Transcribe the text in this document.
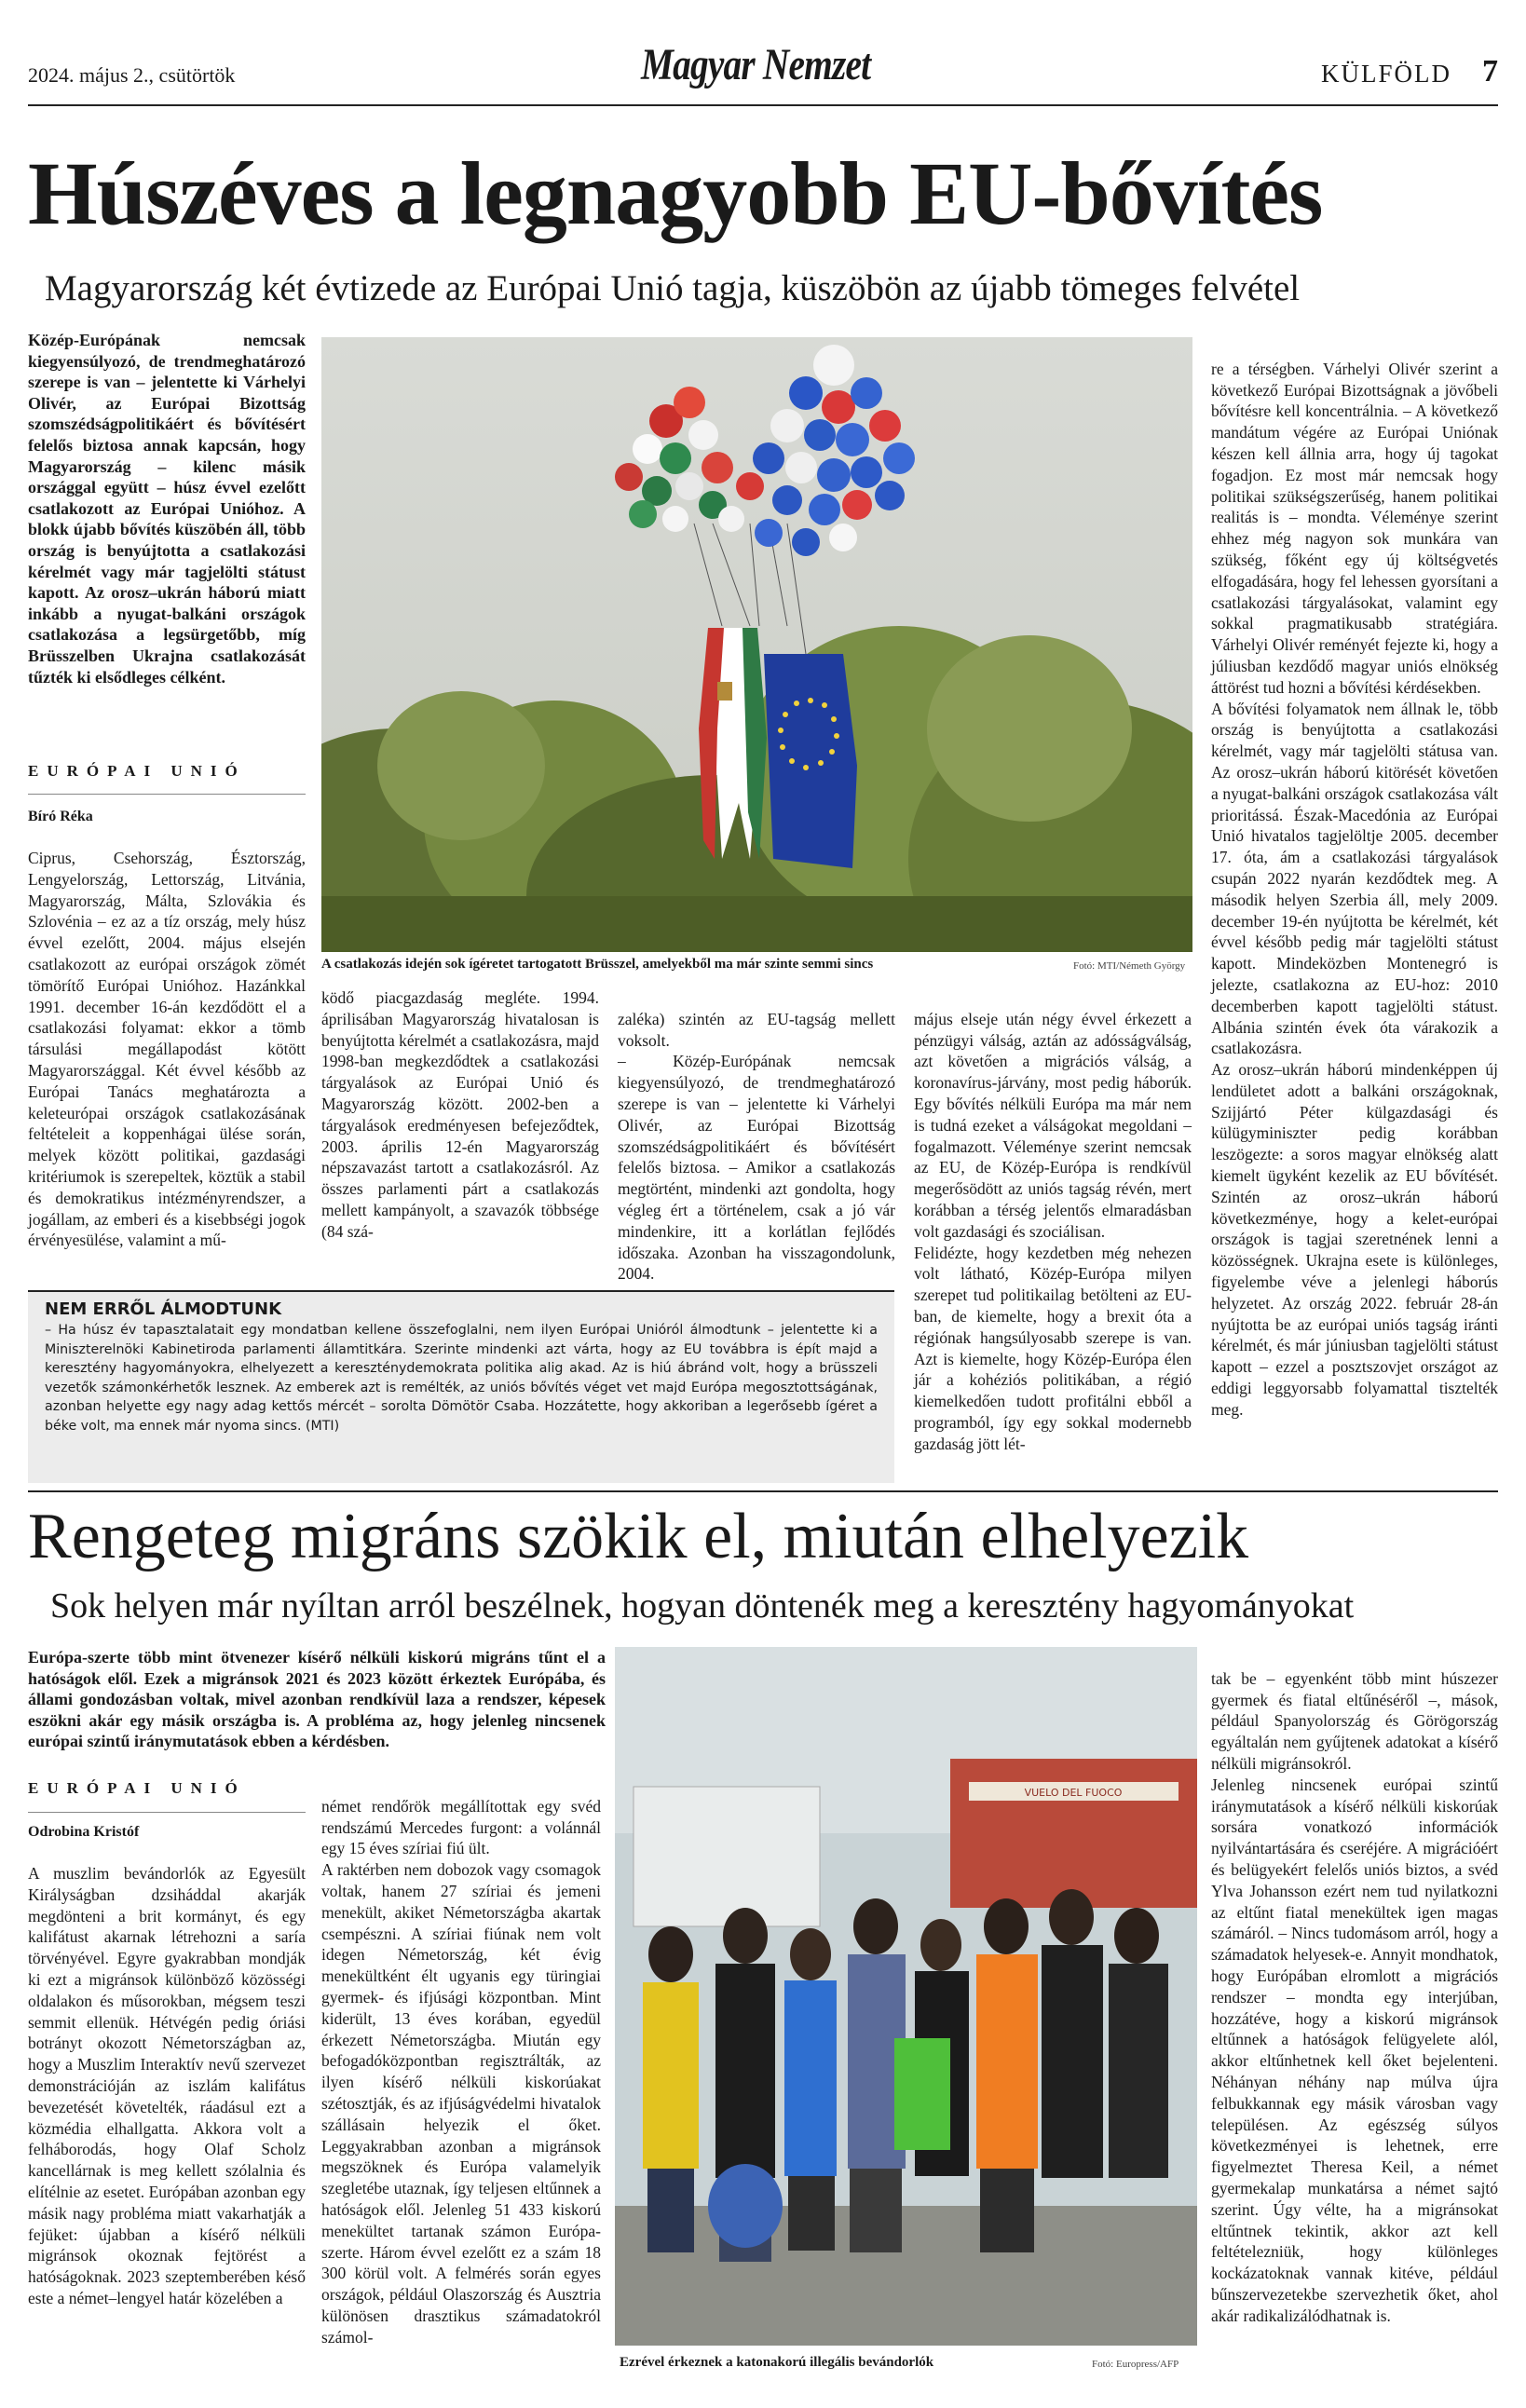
2024. május 2., csütörtök	Magyar Nemzet	KÜLFÖLD 7
Húszéves a legnagyobb EU-bővítés
Magyarország két évtizede az Európai Unió tagja, küszöbön az újabb tömeges felvétel
Közép-Európának nemcsak kiegyensúlyozó, de trendmeghatározó szerepe is van – jelentette ki Várhelyi Olivér, az Európai Bizottság szomszédságpolitikáért és bővítésért felelős biztosa annak kapcsán, hogy Magyarország – kilenc másik országgal együtt – húsz évvel ezelőtt csatlakozott az Európai Unióhoz. A blokk újabb bővítés küszöbén áll, több ország is benyújtotta a csatlakozási kérelmét vagy már tagjelölti státust kapott. Az orosz–ukrán háború miatt inkább a nyugat-balkáni országok csatlakozása a legsürgetőbb, míg Brüsszelben Ukrajna csatlakozását tűzték ki elsődleges célként.
EURÓPAI UNIÓ
Bíró Réka

Ciprus, Csehország, Észtország, Lengyelország, Lettország, Litvánia, Magyarország, Málta, Szlovákia és Szlovénia – ez az a tíz ország, mely húsz évvel ezelőtt, 2004. május elsején csatlakozott az európai országok zömét tömörítő Európai Unióhoz. Hazánkkal 1991. december 16-án kezdődött el a csatlakozási folyamat: ekkor a tömb társulási megállapodást kötött Magyarországgal. Két évvel később az Európai Tanács meghatározta a keleteurópai országok csatlakozásának feltételeit a koppenhágai ülése során, melyek között politikai, gazdasági kritériumok is szerepeltek, köztük a stabil és demokratikus intézményrendszer, a jogállam, az emberi és a kisebbségi jogok érvényesülése, valamint a mű-

A csatlakozás idején sok ígéretet tartogatott Brüsszel, amelyekből ma már szinte semmi sincs	Fotó: MTI/Németh György

ködő piacgazdaság megléte. 1994. áprilisában Magyarország hivatalosan is benyújtotta kérelmét a csatlakozásra, majd 1998-ban megkezdődtek a csatlakozási tárgyalások az Európai Unió és Magyarország között. 2002-ben a tárgyalások eredményesen befejeződtek, 2003. április 12-én Magyarország népszavazást tartott a csatlakozásról. Az összes parlamenti párt a csatlakozás mellett kampányolt, a szavazók többsége (84 szá-

zaléka) szintén az EU-tagság mellett voksolt.
– Közép-Európának nemcsak kiegyensúlyozó, de trendmeghatározó szerepe is van – jelentette ki Várhelyi Olivér, az Európai Bizottság szomszédságpolitikáért és bővítésért felelős biztosa. – Amikor a csatlakozás megtörtént, mindenki azt gondolta, hogy végleg ért a történelem, csak a jó vár mindenkire, itt a korlátlan fejlődés időszaka. Azonban ha visszagondolunk, 2004.

május elseje után négy évvel érkezett a pénzügyi válság, aztán az adósságválság, azt követően a migrációs válság, a koronavírus-járvány, most pedig háborúk. Egy bővítés nélküli Európa ma már nem is tudná ezeket a válságokat megoldani – fogalmazott. Véleménye szerint nemcsak az EU, de Közép-Európa is rendkívül megerősödött az uniós tagság révén, mert korábban a térség jelentős elmaradásban volt gazdasági és szociálisan.
Felidézte, hogy kezdetben még nehezen volt látható, Közép-Európa milyen szerepet tud politikailag betölteni az EU-ban, de kiemelte, hogy a brexit óta a régiónak hangsúlyosabb szerepe is van. Azt is kiemelte, hogy Közép-Európa élen jár a kohéziós politikában, a régió kiemelkedően tudott profitálni ebből a programból, így egy sokkal modernebb gazdaság jött lét-

re a térségben. Várhelyi Olivér szerint a következő Európai Bizottságnak a jövőbeli bővítésre kell koncentrálnia. – A következő mandátum végére az Európai Uniónak készen kell állnia arra, hogy új tagokat fogadjon. Ez most már nemcsak hogy politikai szükségszerűség, hanem politikai realitás is – mondta. Véleménye szerint ehhez még nagyon sok munkára van szükség, főként egy új költségvetés elfogadására, hogy fel lehessen gyorsítani a csatlakozási tárgyalásokat, valamint egy sokkal pragmatikusabb stratégiára. Várhelyi Olivér reményét fejezte ki, hogy a júliusban kezdődő magyar uniós elnökség áttörést tud hozni a bővítési kérdésekben.
A bővítési folyamatok nem állnak le, több ország is benyújtotta a csatlakozási kérelmét, vagy már tagjelölti státusa van. Az orosz–ukrán háború kitörését követően a nyugat-balkáni országok csatlakozása vált prioritássá. Észak-Macedónia az Európai Unió hivatalos tagjelöltje 2005. december 17. óta, ám a csatlakozási tárgyalások csupán 2022 nyarán kezdődtek meg. A második helyen Szerbia áll, mely 2009. december 19-én nyújtotta be kérelmét, két évvel később pedig már tagjelölti státust kapott. Mindeközben Montenegró is jelezte, csatlakozna az EU-hoz: 2010 decemberben kapott tagjelölti státust. Albánia szintén évek óta várakozik a csatlakozásra.
Az orosz–ukrán háború mindenképpen új lendületet adott a balkáni országoknak, Szijjártó Péter külgazdasági és külügyminiszter pedig korábban leszögezte: a soros magyar elnökség alatt kiemelt ügyként kezelik az EU bővítését. Szintén az orosz–ukrán háború következménye, hogy a kelet-európai országok is tagjai szeretnének lenni a közösségnek. Ukrajna esete is különleges, figyelembe véve a jelenlegi háborús helyzetet. Az ország 2022. február 28-án nyújtotta be az európai uniós tagság iránti kérelmét, és már júniusban tagjelölti státust kapott – ezzel a posztszovjet országot az eddigi leggyorsabb folyamattal tisztelték meg.

NEM ERRŐL ÁLMODTUNK
– Ha húsz év tapasztalatait egy mondatban kellene összefoglalni, nem ilyen Európai Unióról álmodtunk – jelentette ki a Miniszterelnöki Kabinetiroda parlamenti államtitkára. Szerinte mindenki azt várta, hogy az EU továbbra is épít majd a keresztény hagyományokra, elhelyezett a kereszténydemokrata politika alig akad. Az is hiú ábránd volt, hogy a brüsszeli vezetők számonkérhetők lesznek. Az emberek azt is remélték, az uniós bővítés véget vet majd Európa megosztottságának, azonban helyette egy nagy adag kettős mércét – sorolta Dömötör Csaba. Hozzátette, hogy akkoriban a legerősebb ígéret a béke volt, ma ennek már nyoma sincs. (MTI)
Rengeteg migráns szökik el, miután elhelyezik
Sok helyen már nyíltan arról beszélnek, hogyan döntenék meg a keresztény hagyományokat
Európa-szerte több mint ötvenezer kísérő nélküli kiskorú migráns tűnt el a hatóságok elől. Ezek a migránsok 2021 és 2023 között érkeztek Európába, és állami gondozásban voltak, mivel azonban rendkívül laza a rendszer, képesek eszökni akár egy másik országba is. A probléma az, hogy jelenleg nincsenek európai szintű iránymutatások ebben a kérdésben.
EURÓPAI UNIÓ
Odrobina Kristóf

A muszlim bevándorlók az Egyesült Királyságban dzsiháddal akarják megdönteni a brit kormányt, és egy kalifátust akarnak létrehozni a saría törvényével. Egyre gyakrabban mondják ki ezt a migránsok különböző közösségi oldalakon és műsorokban, mégsem teszi semmit ellenük. Hétvégén pedig óriási botrányt okozott Németországban az, hogy a Muszlim Interaktív nevű szervezet demonstrációján az iszlám kalifátus bevezetését követelték, ráadásul ezt a közmédia elhallgatta. Akkora volt a felháborodás, hogy Olaf Scholz kancellárnak is meg kellett szólalnia és elítélnie az esetet. Európában azonban egy másik nagy probléma miatt vakarhatják a fejüket: újabban a kísérő nélküli migránsok okoznak fejtörést a hatóságoknak. 2023 szeptemberében késő este a német–lengyel határ közelében a

német rendőrök megállítottak egy svéd rendszámú Mercedes furgont: a volánnál egy 15 éves szíriai fiú ült.
A raktérben nem dobozok vagy csomagok voltak, hanem 27 szíriai és jemeni menekült, akiket Németországba akartak csempészni. A szíriai fiúnak nem volt idegen Németország, két évig menekültként élt ugyanis egy türingiai gyermek- és ifjúsági központban. Mint kiderült, 13 éves korában, egyedül érkezett Németországba. Miután egy befogadóközpontban regisztrálták, az ilyen kísérő nélküli kiskorúakat szétosztják, és az ifjúságvédelmi hivatalok szállásain helyezik el őket. Leggyakrabban azonban a migránsok megszöknek és Európa valamelyik szegletébe utaznak, így teljesen eltűnnek a hatóságok elől. Jelenleg 51 433 kiskorú menekültet tartanak számon Európa-szerte. Három évvel ezelőtt ez a szám 18 300 körül volt. A felmérés során egyes országok, például Olaszország és Ausztria különösen drasztikus számadatokról számol-

tak be – egyenként több mint húszezer gyermek és fiatal eltűnéséről –, mások, például Spanyolország és Görögország egyáltalán nem gyűjtenek adatokat a kísérő nélküli migránsokról.
Jelenleg nincsenek európai szintű iránymutatások a kísérő nélküli kiskorúak sorsára vonatkozó információk nyilvántartására és cseréjére. A migrációért és belügyekért felelős uniós biztos, a svéd Ylva Johansson ezért nem tud nyilatkozni az eltűnt fiatal menekültek igen magas számáról. – Nincs tudomásom arról, hogy a számadatok helyesek-e. Annyit mondhatok, hogy Európában elromlott a migrációs rendszer – mondta egy interjúban, hozzátéve, hogy a kiskorú migránsok eltűnnek a hatóságok felügyelete alól, akkor eltűnhetnek kell őket bejelenteni. Néhányan néhány nap múlva újra felbukkannak egy másik városban vagy településen. Az egészség súlyos következményei is lehetnek, erre figyelmeztet Theresa Keil, a német gyermekalap munkatársa a német sajtó szerint. Úgy vélte, ha a migránsokat eltűntnek tekintik, akkor azt kell feltételezniük, hogy különleges kockázatoknak vannak kitéve, például bűnszervezetekbe szervezhetik őket, ahol akár radikalizálódhatnak is.

VUELO DEL FUOCO
Ezrével érkeznek a katonakorú illegális bevándorlók	Fotó: Europress/AFP
